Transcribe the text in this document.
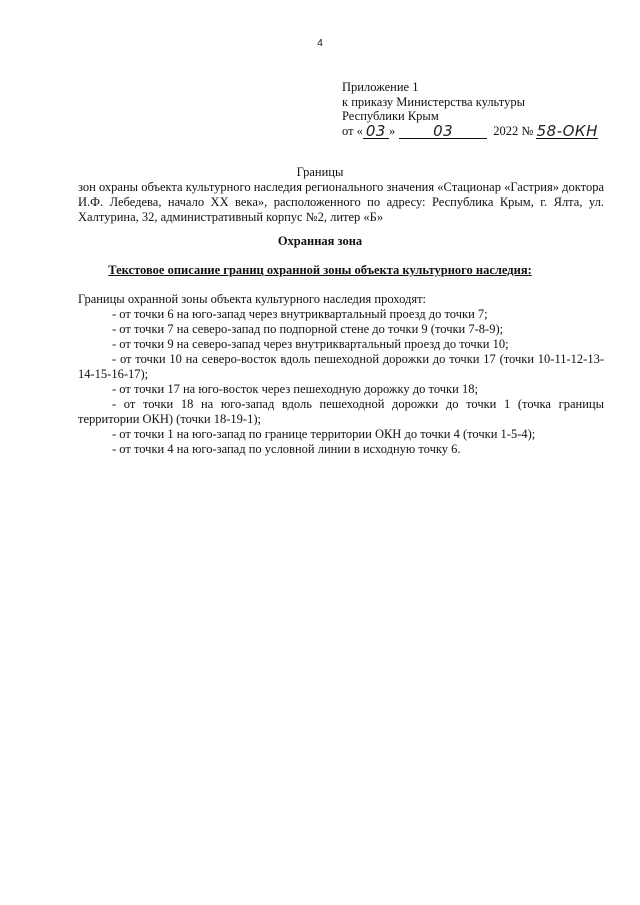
4
Приложение 1
к приказу Министерства культуры
Республики Крым
от « 03 »	03	2022 № 58-ОКН
Границы
зон охраны объекта культурного наследия регионального значения «Стационар «Гастрия» доктора И.Ф. Лебедева, начало XX века», расположенного по адресу: Республика Крым, г. Ялта, ул. Халтурина, 32, административный корпус №2, литер «Б»
Охранная зона
Текстовое описание границ охранной зоны объекта культурного наследия:

Границы охранной зоны объекта культурного наследия проходят:

- от точки 6 на юго-запад через внутриквартальный проезд до точки 7;

- от точки 7 на северо-запад по подпорной стене до точки 9 (точки 7-8-9);

- от точки 9 на северо-запад через внутриквартальный проезд до точки 10;

- от точки 10 на северо-восток вдоль пешеходной дорожки до точки 17 (точки 10-11-12-13-14-15-16-17);

- от точки 17 на юго-восток через пешеходную дорожку до точки 18;

- от точки 18 на юго-запад вдоль пешеходной дорожки до точки 1 (точка границы территории ОКН) (точки 18-19-1);

- от точки 1 на юго-запад по границе территории ОКН до точки 4 (точки 1-5-4);

- от точки 4 на юго-запад по условной линии в исходную точку 6.
